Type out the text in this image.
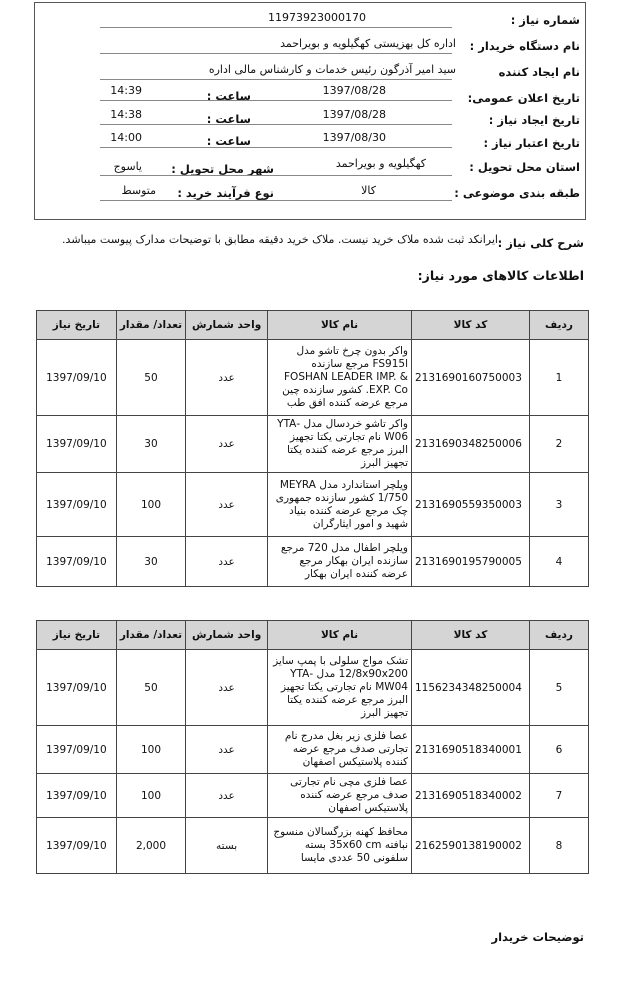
شماره نیاز :
11973923000170
نام دستگاه خریدار :
اداره کل بهزیستی کهگیلویه و بویراحمد
نام ایجاد کننده
سید امیر آذرگون رئیس خدمات و کارشناس مالی اداره
تاریخ اعلان عمومی:
1397/08/28
ساعت :
14:39
تاریخ ایجاد نیاز :
1397/08/28
ساعت :
14:38
تاریخ اعتبار نیاز :
1397/08/30
ساعت :
14:00
استان محل تحویل :
کهگیلویه و بویراحمد
شهر محل تحویل :
یاسوج
طبقه بندی موضوعی :
کالا
نوع فرآیند خرید :
متوسط
شرح کلی نیاز :
ایرانکد ثبت شده ملاک خرید نیست. ملاک خرید دقیقه مطابق با توضیحات مدارک پیوست میباشد.
اطلاعات کالاهای مورد نیاز:
ردیف	کد کالا	نام کالا	واحد شمارش	تعداد/ مقدار	تاریخ نیاز
1	2131690160750003	واکر بدون چرخ تاشو مدل FS915l مرجع سازنده FOSHAN LEADER IMP. & EXP. Co. کشور سازنده چین مرجع عرضه کننده افق طب	عدد	50	1397/09/10
2	2131690348250006	واکر تاشو خردسال مدل -YTA W06 نام تجارتی یکتا تجهیز البرز مرجع عرضه کننده یکتا تجهیز البرز	عدد	30	1397/09/10
3	2131690559350003	ویلچر استاندارد مدل MEYRA 1/750 کشور سازنده جمهوری چک مرجع عرضه کننده بنیاد شهید و امور ایثارگران	عدد	100	1397/09/10
4	2131690195790005	ویلچر اطفال مدل 720 مرجع سازنده ایران بهکار مرجع عرضه کننده ایران بهکار	عدد	30	1397/09/10
ردیف	کد کالا	نام کالا	واحد شمارش	تعداد/ مقدار	تاریخ نیاز
5	1156234348250004	تشک مواج سلولی با پمپ سایز 12/8x90x200 مدل -YTA MW04 نام تجارتی یکتا تجهیز البرز مرجع عرضه کننده یکتا تجهیز البرز	عدد	50	1397/09/10
6	2131690518340001	عصا فلزی زیر بغل مدرج نام تجارتی صدف مرجع عرضه کننده پلاستیکس اصفهان	عدد	100	1397/09/10
7	2131690518340002	عصا فلزی مچی نام تجارتی صدف مرجع عرضه کننده پلاستیکس اصفهان	عدد	100	1397/09/10
8	2162590138190002	محافظ کهنه بزرگسالان منسوج نبافته 35x60 cm بسته سلفونی 50 عددی مایسا	بسته	2,000	1397/09/10
توضیحات خریدار
